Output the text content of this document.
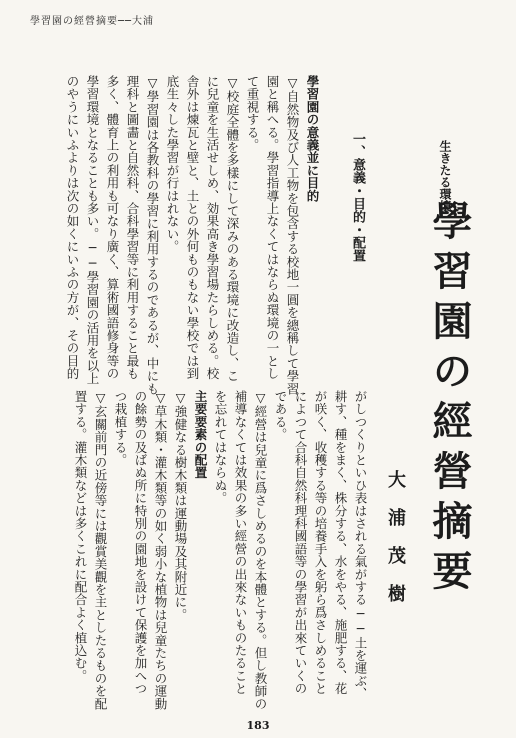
學習園の經營摘要──大浦
學習園の意義並に目的
▽自然物及び人工物を包含する校地一圓を總稱して學習
園と稱へる。學習指導上なくてはならぬ環境の一とし
て重視する。
▽校庭全體を多樣にして深みのある環境に改造し、こ
に兒童を生活せしめ、効果高き學習場たらしめる。校
舎外は煉瓦と壁と、土との外何ものもない學校では到
底生々した學習が行はれない。
▽學習園は各教科の學習に利用するのであるが、中にも
理科と圖畵と自然科、合科學習等に利用すること最も
多く、體育上の利用も可なり廣く、算術國語修身等の
學習環境となることも多い。──學習園の活用を以上
のやうにいふよりは次の如くにいふの方が、その目的	生きたる環境
學習園の經營摘要
大浦茂樹
一、意義・目的・配置
がしつくりといひ表はされる氣がする──土を運ぶ、
耕す、種をまく、株分する、水をやる、施肥する、花
が咲く、收穫する等の培養手入を躬ら爲さしめること
によつて合科自然科理科國語等の學習が出來ていくの
である。
▽經營は兒童に爲さしめるのを本體とする。但し教師の
補導なくては效果の多い經營の出來ないものたること
を忘れてはならぬ。
主要要素の配置
▽強健なる樹木類は運動場及其附近に。
▽草木類・灌木類等の如く弱小な植物は兒童たちの運動
の餘勢の及ばぬ所に特別の園地を設けて保護を加へつ
つ栽植する。
▽玄關前門の近傍等には觀賞美觀を主としたるものを配
置する。灌木類などは多くこれに配合よく植込む。
183
